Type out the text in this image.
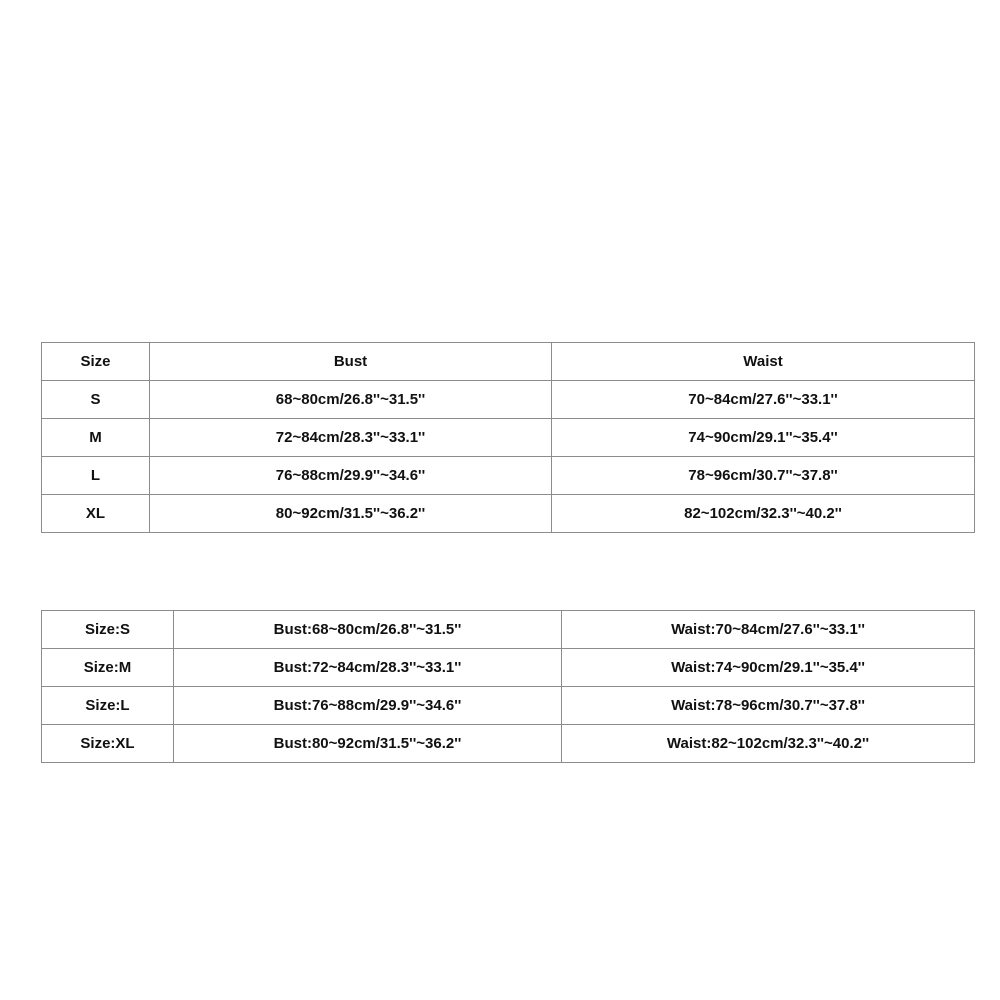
Size	Bust	Waist
S	68~80cm/26.8''~31.5''	70~84cm/27.6''~33.1''
M	72~84cm/28.3''~33.1''	74~90cm/29.1''~35.4''
L	76~88cm/29.9''~34.6''	78~96cm/30.7''~37.8''
XL	80~92cm/31.5''~36.2''	82~102cm/32.3''~40.2''
Size:S	Bust:68~80cm/26.8''~31.5''	Waist:70~84cm/27.6''~33.1''
Size:M	Bust:72~84cm/28.3''~33.1''	Waist:74~90cm/29.1''~35.4''
Size:L	Bust:76~88cm/29.9''~34.6''	Waist:78~96cm/30.7''~37.8''
Size:XL	Bust:80~92cm/31.5''~36.2''	Waist:82~102cm/32.3''~40.2''
